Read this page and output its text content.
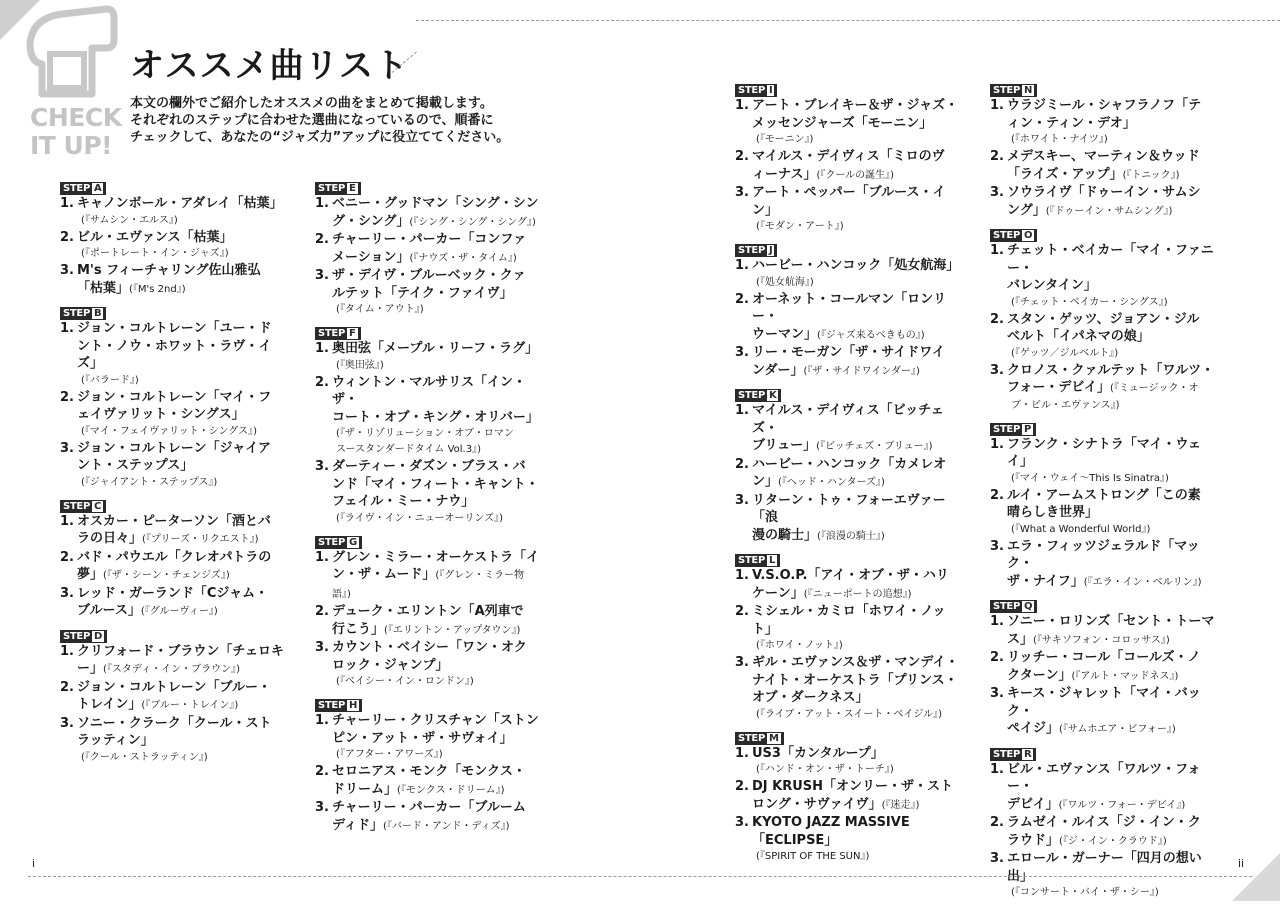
CHECK
IT UP!
オススメ曲リスト
本文の欄外でご紹介したオススメの曲をまとめて掲載します。
それぞれのステップに合わせた選曲になっているので、順番に
チェックして、あなたの“ジャズ力”アップに役立ててください。
STEP A
1. キャノンボール・アダレイ「枯葉」
(『サムシン・エルス』)
2. ビル・エヴァンス「枯葉」
(『ポートレート・イン・ジャズ』)
3. M's フィーチャリング佐山雅弘
「枯葉」(『M's 2nd』)
STEP B
1. ジョン・コルトレーン「ユー・ド
ント・ノウ・ホワット・ラヴ・イズ」
(『バラード』)
2. ジョン・コルトレーン「マイ・フ
ェイヴァリット・シングス」
(『マイ・フェイヴァリット・シングス』)
3. ジョン・コルトレーン「ジャイア
ント・ステップス」
(『ジャイアント・ステップス』)
STEP C
1. オスカー・ピーターソン「酒とバ
ラの日々」(『プリーズ・リクエスト』)
2. バド・パウエル「クレオパトラの
夢」(『ザ・シーン・チェンジズ』)
3. レッド・ガーランド「Cジャム・
ブルース」(『グルーヴィー』)
STEP D
1. クリフォード・ブラウン「チェロキ
ー」(『スタディ・イン・ブラウン』)
2. ジョン・コルトレーン「ブルー・
トレイン」(『ブルー・トレイン』)
3. ソニー・クラーク「クール・スト
ラッティン」
(『クール・ストラッティン』)
STEP E
1. ベニー・グッドマン「シング・シン
グ・シング」(『シング・シング・シング』)
2. チャーリー・パーカー「コンファ
メーション」(『ナウズ・ザ・タイム』)
3. ザ・デイヴ・ブルーベック・クァ
ルテット「テイク・ファイヴ」
(『タイム・アウト』)
STEP F
1. 奥田弦「メープル・リーフ・ラグ」
(『奥田弦』)
2. ウィントン・マルサリス「イン・ザ・
コート・オブ・キング・オリバー」
(『ザ・リゾリューション・オブ・ロマン
スースタンダードタイム Vol.3』)
3. ダーティー・ダズン・ブラス・バ
ンド「マイ・フィート・キャント・
フェイル・ミー・ナウ」
(『ライヴ・イン・ニューオーリンズ』)
STEP G
1. グレン・ミラー・オーケストラ「イ
ン・ザ・ムード」(『グレン・ミラー物語』)
2. デューク・エリントン「A列車で
行こう」(『エリントン・アップタウン』)
3. カウント・ベイシー「ワン・オク
ロック・ジャンプ」
(『ベイシー・イン・ロンドン』)
STEP H
1. チャーリー・クリスチャン「ストン
ピン・アット・ザ・サヴォイ」
(『アフター・アワーズ』)
2. セロニアス・モンク「モンクス・
ドリーム」(『モンクス・ドリーム』)
3. チャーリー・パーカー「ブルーム
ディド」(『バード・アンド・ディズ』)
STEP I
1. アート・ブレイキー＆ザ・ジャズ・
メッセンジャーズ「モーニン」
(『モーニン』)
2. マイルス・デイヴィス「ミロのヴ
ィーナス」(『クールの誕生』)
3. アート・ペッパー「ブルース・イン」
(『モダン・アート』)
STEP J
1. ハービー・ハンコック「処女航海」
(『処女航海』)
2. オーネット・コールマン「ロンリー・
ウーマン」(『ジャズ来るべきもの』)
3. リー・モーガン「ザ・サイドワイ
ンダー」(『ザ・サイドワインダー』)
STEP K
1. マイルス・デイヴィス「ビッチェズ・
ブリュー」(『ビッチェズ・ブリュー』)
2. ハービー・ハンコック「カメレオ
ン」(『ヘッド・ハンターズ』)
3. リターン・トゥ・フォーエヴァー「浪
漫の騎士」(『浪漫の騎士』)
STEP L
1. V.S.O.P.「アイ・オブ・ザ・ハリ
ケーン」(『ニューポートの追想』)
2. ミシェル・カミロ「ホワイ・ノット」
(『ホワイ・ノット』)
3. ギル・エヴァンス＆ザ・マンデイ・
ナイト・オーケストラ「プリンス・
オブ・ダークネス」
(『ライブ・アット・スイート・ベイジル』)
STEP M
1. US3「カンタループ」
(『ハンド・オン・ザ・トーチ』)
2. DJ KRUSH「オンリー・ザ・スト
ロング・サヴァイヴ」(『迷走』)
3. KYOTO JAZZ MASSIVE「ECLIPSE」
(『SPIRIT OF THE SUN』)
STEP N
1. ウラジミール・シャフラノフ「テ
ィン・ティン・デオ」
(『ホワイト・ナイツ』)
2. メデスキー、マーティン＆ウッド
「ライズ・アップ」(『トニック』)
3. ソウライヴ「ドゥーイン・サムシ
ング」(『ドゥーイン・サムシング』)
STEP O
1. チェット・ベイカー「マイ・ファニー・
バレンタイン」
(『チェット・ベイカー・シングス』)
2. スタン・ゲッツ、ジョアン・ジル
ベルト「イパネマの娘」
(『ゲッツ／ジルベルト』)
3. クロノス・クァルテット「ワルツ・
フォー・デビイ」(『ミュージック・オ
ブ・ビル・エヴァンス』)
STEP P
1. フランク・シナトラ「マイ・ウェイ」
(『マイ・ウェイ～This Is Sinatra』)
2. ルイ・アームストロング「この素
晴らしき世界」
(『What a Wonderful World』)
3. エラ・フィッツジェラルド「マック・
ザ・ナイフ」(『エラ・イン・ベルリン』)
STEP Q
1. ソニー・ロリンズ「セント・トーマ
ス」(『サキソフォン・コロッサス』)
2. リッチー・コール「コールズ・ノ
クターン」(『アルト・マッドネス』)
3. キース・ジャレット「マイ・バック・
ペイジ」(『サムホエア・ビフォー』)
STEP R
1. ビル・エヴァンス「ワルツ・フォー・
デビイ」(『ワルツ・フォー・デビイ』)
2. ラムゼイ・ルイス「ジ・イン・ク
ラウド」(『ジ・イン・クラウド』)
3. エロール・ガーナー「四月の想い出」
(『コンサート・バイ・ザ・シー』)
i	ii
